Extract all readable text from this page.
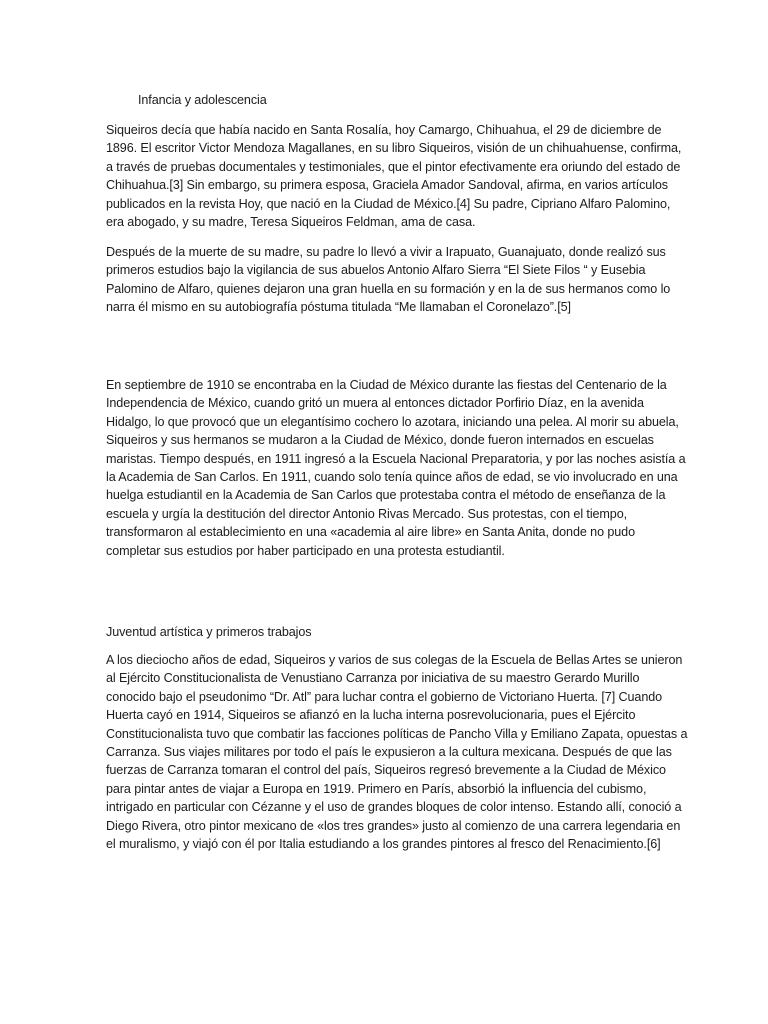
Infancia y adolescencia

Siqueiros decía que había nacido en Santa Rosalía, hoy Camargo, Chihuahua, el 29 de diciembre de 1896. El escritor Victor Mendoza Magallanes, en su libro Siqueiros, visión de un chihuahuense, confirma, a través de pruebas documentales y testimoniales, que el pintor efectivamente era oriundo del estado de Chihuahua.[3] Sin embargo, su primera esposa, Graciela Amador Sandoval, afirma, en varios artículos publicados en la revista Hoy, que nació en la Ciudad de México.[4] Su padre, Cipriano Alfaro Palomino, era abogado, y su madre, Teresa Siqueiros Feldman, ama de casa.

Después de la muerte de su madre, su padre lo llevó a vivir a Irapuato, Guanajuato, donde realizó sus primeros estudios bajo la vigilancia de sus abuelos Antonio Alfaro Sierra “El Siete Filos “ y Eusebia Palomino de Alfaro, quienes dejaron una gran huella en su formación y en la de sus hermanos como lo narra él mismo en su autobiografía póstuma titulada “Me llamaban el Coronelazo”.[5]

En septiembre de 1910 se encontraba en la Ciudad de México durante las fiestas del Centenario de la Independencia de México, cuando gritó un muera al entonces dictador Porfirio Díaz, en la avenida Hidalgo, lo que provocó que un elegantísimo cochero lo azotara, iniciando una pelea. Al morir su abuela, Siqueiros y sus hermanos se mudaron a la Ciudad de México, donde fueron internados en escuelas maristas. Tiempo después, en 1911 ingresó a la Escuela Nacional Preparatoria, y por las noches asistía a la Academia de San Carlos. En 1911, cuando solo tenía quince años de edad, se vio involucrado en una huelga estudiantil en la Academia de San Carlos que protestaba contra el método de enseñanza de la escuela y urgía la destitución del director Antonio Rivas Mercado. Sus protestas, con el tiempo, transformaron al establecimiento en una «academia al aire libre» en Santa Anita, donde no pudo completar sus estudios por haber participado en una protesta estudiantil.

Juventud artística y primeros trabajos

A los dieciocho años de edad, Siqueiros y varios de sus colegas de la Escuela de Bellas Artes se unieron al Ejército Constitucionalista de Venustiano Carranza por iniciativa de su maestro Gerardo Murillo conocido bajo el pseudonimo “Dr. Atl” para luchar contra el gobierno de Victoriano Huerta. [7] Cuando Huerta cayó en 1914, Siqueiros se afianzó en la lucha interna posrevolucionaria, pues el Ejército Constitucionalista tuvo que combatir las facciones políticas de Pancho Villa y Emiliano Zapata, opuestas a Carranza. Sus viajes militares por todo el país le expusieron a la cultura mexicana. Después de que las fuerzas de Carranza tomaran el control del país, Siqueiros regresó brevemente a la Ciudad de México para pintar antes de viajar a Europa en 1919. Primero en París, absorbió la influencia del cubismo, intrigado en particular con Cézanne y el uso de grandes bloques de color intenso. Estando allí, conoció a Diego Rivera, otro pintor mexicano de «los tres grandes» justo al comienzo de una carrera legendaria en el muralismo, y viajó con él por Italia estudiando a los grandes pintores al fresco del Renacimiento.[6]
